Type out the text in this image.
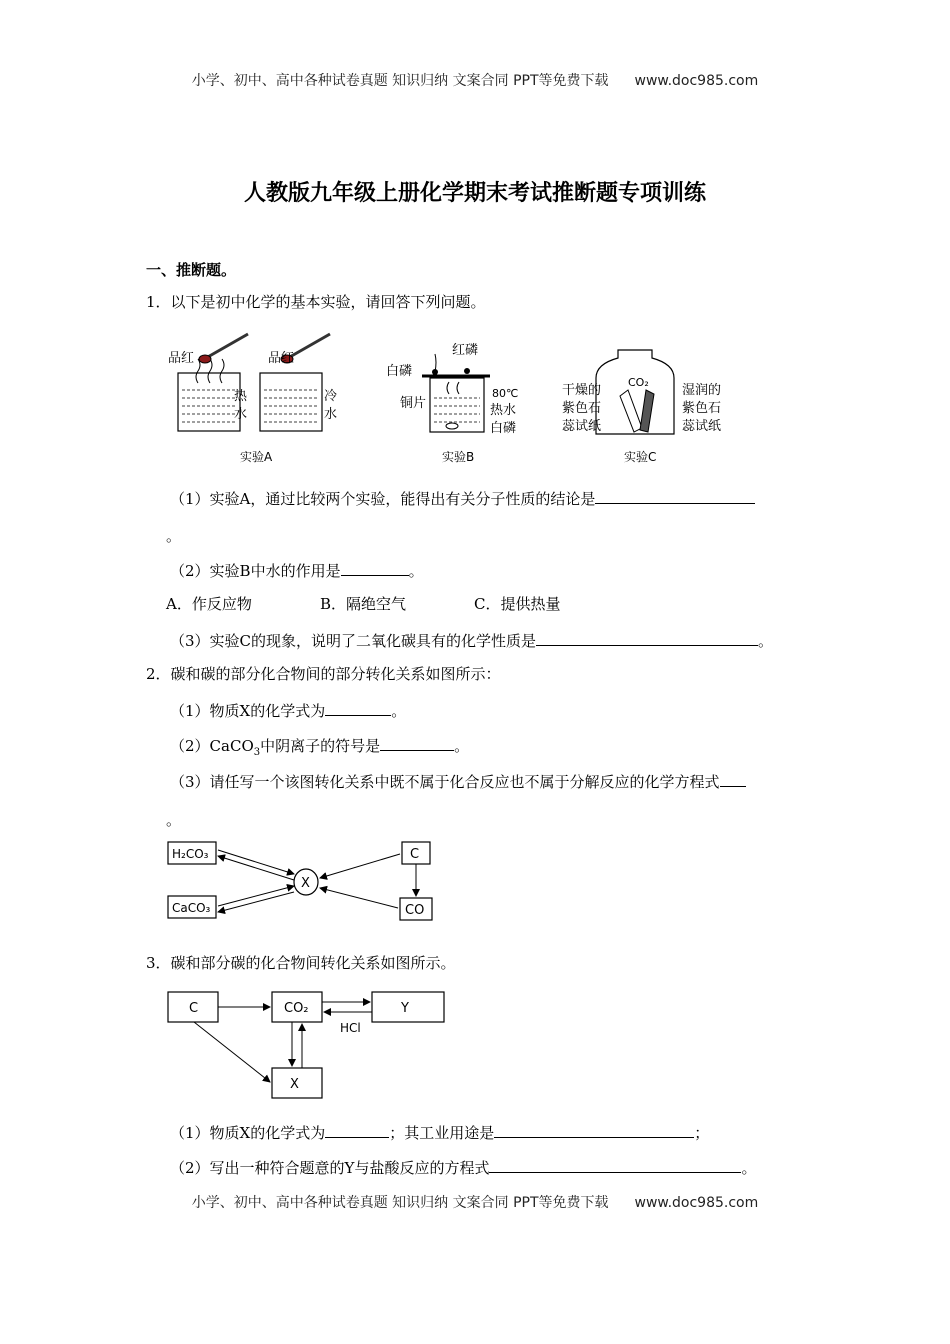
小学、初中、高中各种试卷真题 知识归纳 文案合同 PPT等免费下载 www.doc985.com
小学、初中、高中各种试卷真题 知识归纳 文案合同 PPT等免费下载 www.doc985.com
人教版九年级上册化学期末考试推断题专项训练
一、推断题。
1．以下是初中化学的基本实验，请回答下列问题。
品红	品红
热
水
冷
水
实验A
红磷
白磷
铜片
80℃
热水
白磷
实验B
CO₂
干燥的
紫色石
蕊试纸
湿润的
紫色石
蕊试纸
实验C
（1）实验A，通过比较两个实验，能得出有关分子性质的结论是
。
（2）实验B中水的作用是	。
A．作反应物	B．隔绝空气	C．提供热量
（3）实验C的现象，说明了二氧化碳具有的化学性质是	。
2．碳和碳的部分化合物间的部分转化关系如图所示：
（1）物质X的化学式为	。
（2）CaCO$_3$中阴离子的符号是	。
（3）请任写一个该图转化关系中既不属于化合反应也不属于分解反应的化学方程式
。
H₂CO₃
CaCO₃
X
C
CO
3．碳和部分碳的化合物间转化关系如图所示。
C	CO₂	Y
HCl
X
（1）物质X的化学式为	；其工业用途是	；
（2）写出一种符合题意的Y与盐酸反应的方程式	。
